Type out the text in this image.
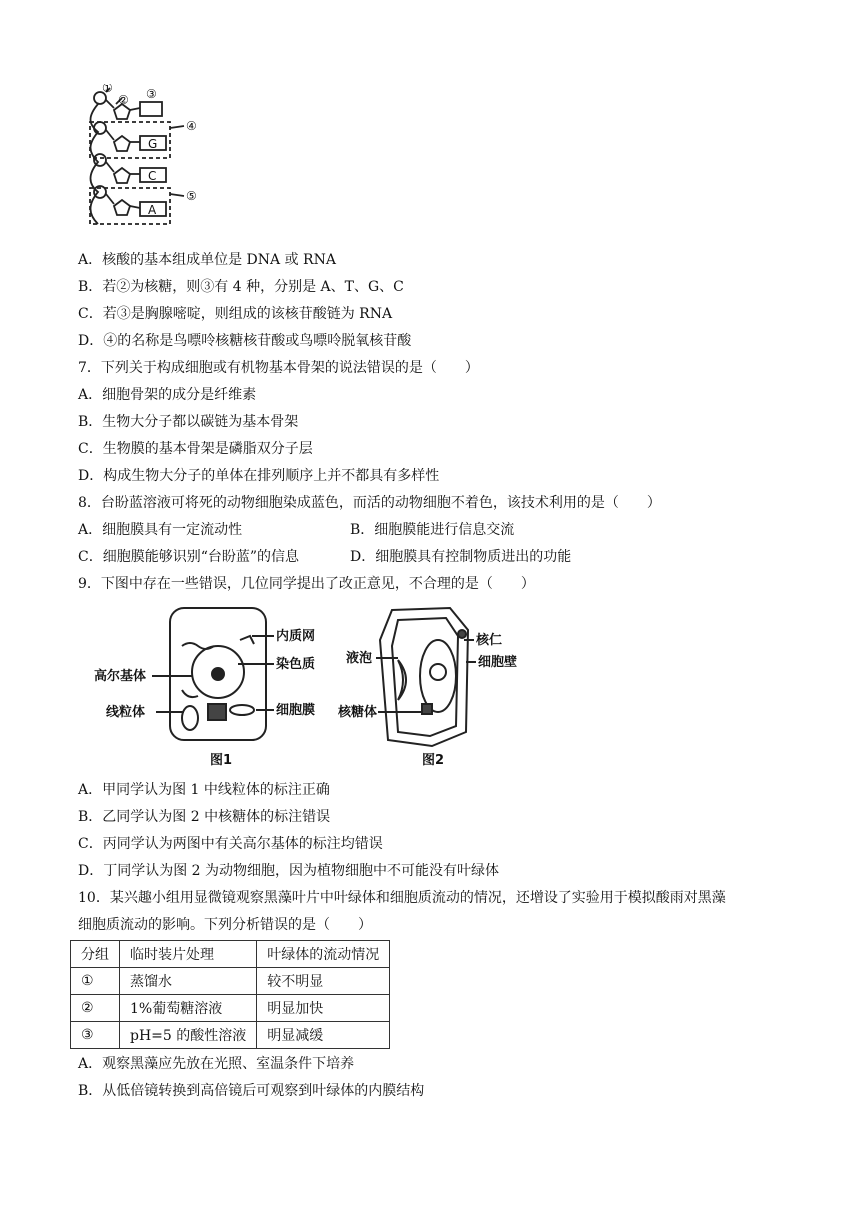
①
② ③
④
⑤
G
C
A
A．核酸的基本组成单位是 DNA 或 RNA
B．若②为核糖，则③有 4 种，分别是 A、T、G、C
C．若③是胸腺嘧啶，则组成的该核苷酸链为 RNA
D．④的名称是鸟嘌呤核糖核苷酸或鸟嘌呤脱氧核苷酸
7．下列关于构成细胞或有机物基本骨架的说法错误的是（　　）
A．细胞骨架的成分是纤维素
B．生物大分子都以碳链为基本骨架
C．生物膜的基本骨架是磷脂双分子层
D．构成生物大分子的单体在排列顺序上并不都具有多样性
8．台盼蓝溶液可将死的动物细胞染成蓝色，而活的动物细胞不着色，该技术利用的是（　　）
A．细胞膜具有一定流动性	B．细胞膜能进行信息交流
C．细胞膜能够识别“台盼蓝”的信息	D．细胞膜具有控制物质进出的功能
9．下图中存在一些错误，几位同学提出了改正意见，不合理的是（　　）
内质网
染色质
高尔基体
线粒体	细胞膜
图1
液泡
核仁
细胞壁
核糖体
图2
A．甲同学认为图 1 中线粒体的标注正确
B．乙同学认为图 2 中核糖体的标注错误
C．丙同学认为两图中有关高尔基体的标注均错误
D．丁同学认为图 2 为动物细胞，因为植物细胞中不可能没有叶绿体
10．某兴趣小组用显微镜观察黑藻叶片中叶绿体和细胞质流动的情况，还增设了实验用于模拟酸雨对黑藻
细胞质流动的影响。下列分析错误的是（　　）
分组	临时装片处理	叶绿体的流动情况
①	蒸馏水	较不明显
②	1%葡萄糖溶液	明显加快
③	pH=5 的酸性溶液	明显减缓
A．观察黑藻应先放在光照、室温条件下培养
B．从低倍镜转换到高倍镜后可观察到叶绿体的内膜结构
